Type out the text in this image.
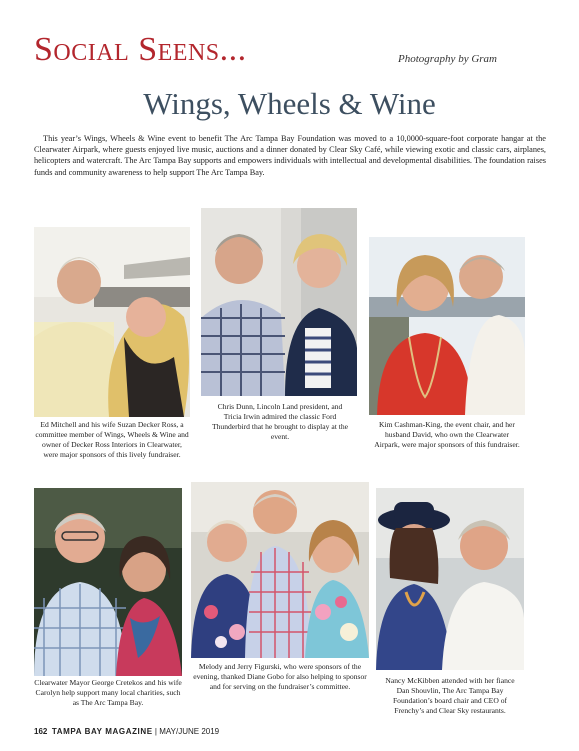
Social Seens...	Photography by Gram
Wings, Wheels & Wine
This year’s Wings, Wheels & Wine event to benefit The Arc Tampa Bay Foundation was moved to a 10,0000-square-foot corporate hangar at the Clearwater Airpark, where guests enjoyed live music, auctions and a dinner donated by Clear Sky Café, while viewing exotic and classic cars, airplanes, helicopters and watercraft. The Arc Tampa Bay supports and empowers individuals with intellectual and developmental disabilities. The foundation raises funds and community awareness to help support The Arc Tampa Bay.
Ed Mitchell and his wife Suzan Decker Ross, a committee member of Wings, Wheels & Wine and owner of Decker Ross Interiors in Clearwater, were major sponsors of this lively fundraiser.
Chris Dunn, Lincoln Land president, and Tricia Irwin admired the classic Ford Thunderbird that he brought to display at the event.
Kim Cashman-King, the event chair, and her husband David, who own the Clearwater Airpark, were major sponsors of this fundraiser.
Clearwater Mayor George Cretekos and his wife Carolyn help support many local charities, such as The Arc Tampa Bay.
Melody and Jerry Figurski, who were sponsors of the evening, thanked Diane Gobo for also helping to sponsor and for serving on the fundraiser’s committee.
Nancy McKibben attended with her fiance Dan Shouvlin, The Arc Tampa Bay Foundation’s board chair and CEO of Frenchy’s and Clear Sky restaurants.
162 TAMPA BAY MAGAZINE | MAY/JUNE 2019
